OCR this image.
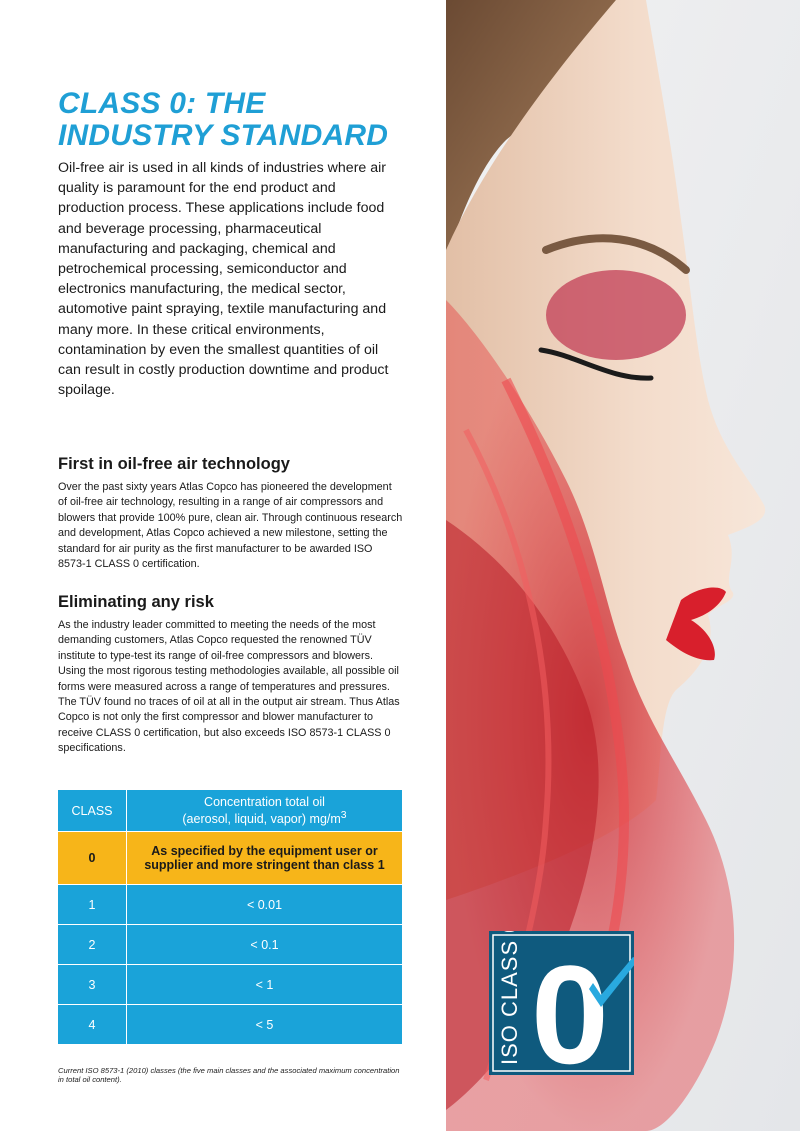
CLASS 0: THE
INDUSTRY STANDARD

Oil-free air is used in all kinds of industries where air quality is paramount for the end product and production process. These applications include food and beverage processing, pharmaceutical manufacturing and packaging, chemical and petrochemical processing, semiconductor and electronics manufacturing, the medical sector, automotive paint spraying, textile manufacturing and many more. In these critical environments, contamination by even the smallest quantities of oil can result in costly production downtime and product spoilage.

First in oil-free air technology

Over the past sixty years Atlas Copco has pioneered the development of oil-free air technology, resulting in a range of air compressors and blowers that provide 100% pure, clean air. Through continuous research and development, Atlas Copco achieved a new milestone, setting the standard for air purity as the first manufacturer to be awarded ISO 8573-1 CLASS 0 certification.

Eliminating any risk

As the industry leader committed to meeting the needs of the most demanding customers, Atlas Copco requested the renowned TÜV institute to type-test its range of oil-free compressors and blowers. Using the most rigorous testing methodologies available, all possible oil forms were measured across a range of temperatures and pressures. The TÜV found no traces of oil at all in the output air stream. Thus Atlas Copco is not only the first compressor and blower manufacturer to receive CLASS 0 certification, but also exceeds ISO 8573-1 CLASS 0 specifications.

CLASS	Concentration total oil
(aerosol, liquid, vapor) $mg/m^3$
0	As specified by the equipment user or
supplier and more stringent than class 1
1	< 0.01
2	< 0.1
3	< 1
4	< 5

Current ISO 8573-1 (2010) classes (the five main classes and the associated maximum concentration in total oil content).

ISO CLASS 0 0
